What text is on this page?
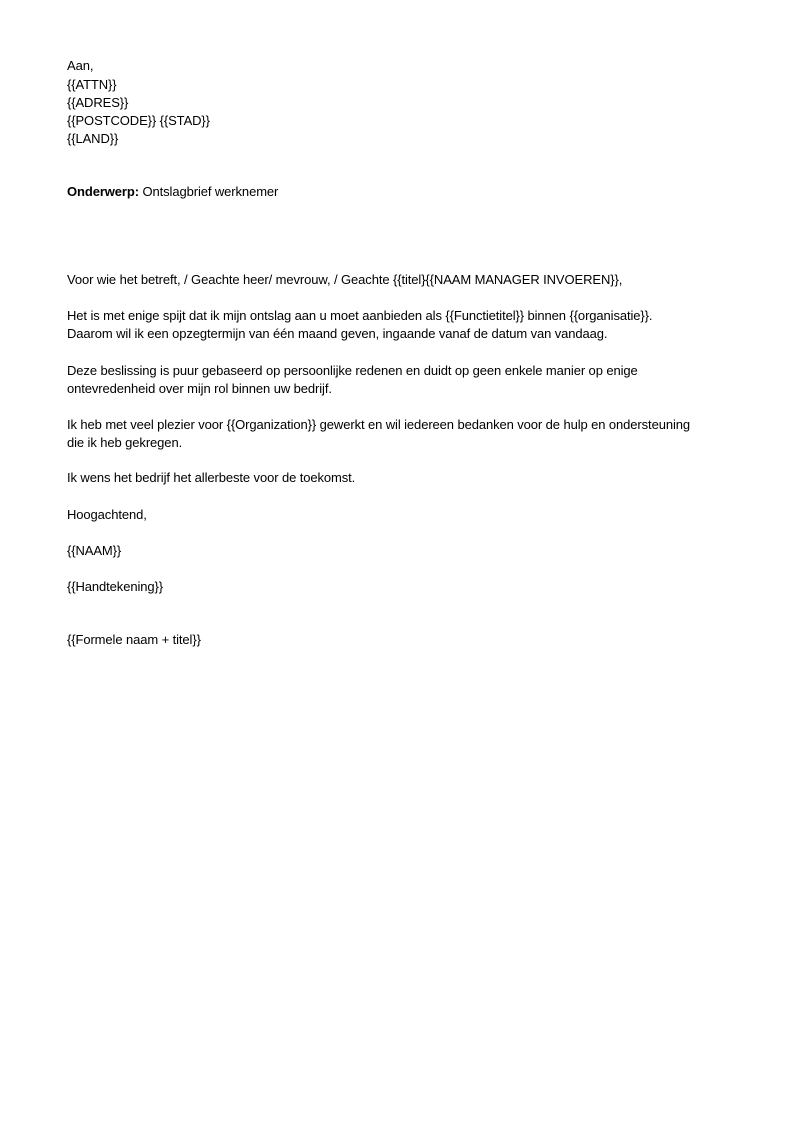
Aan,
{{ATTN}}
{{ADRES}}
{{POSTCODE}} {{STAD}}
{{LAND}}
Onderwerp: Ontslagbrief werknemer
Voor wie het betreft, / Geachte heer/ mevrouw, / Geachte {{titel}{{NAAM MANAGER INVOEREN}},
Het is met enige spijt dat ik mijn ontslag aan u moet aanbieden als {{Functietitel}} binnen {{organisatie}}.
Daarom wil ik een opzegtermijn van één maand geven, ingaande vanaf de datum van vandaag.
Deze beslissing is puur gebaseerd op persoonlijke redenen en duidt op geen enkele manier op enige
ontevredenheid over mijn rol binnen uw bedrijf.
Ik heb met veel plezier voor {{Organization}} gewerkt en wil iedereen bedanken voor de hulp en ondersteuning
die ik heb gekregen.
Ik wens het bedrijf het allerbeste voor de toekomst.
Hoogachtend,
{{NAAM}}
{{Handtekening}}
{{Formele naam + titel}}
